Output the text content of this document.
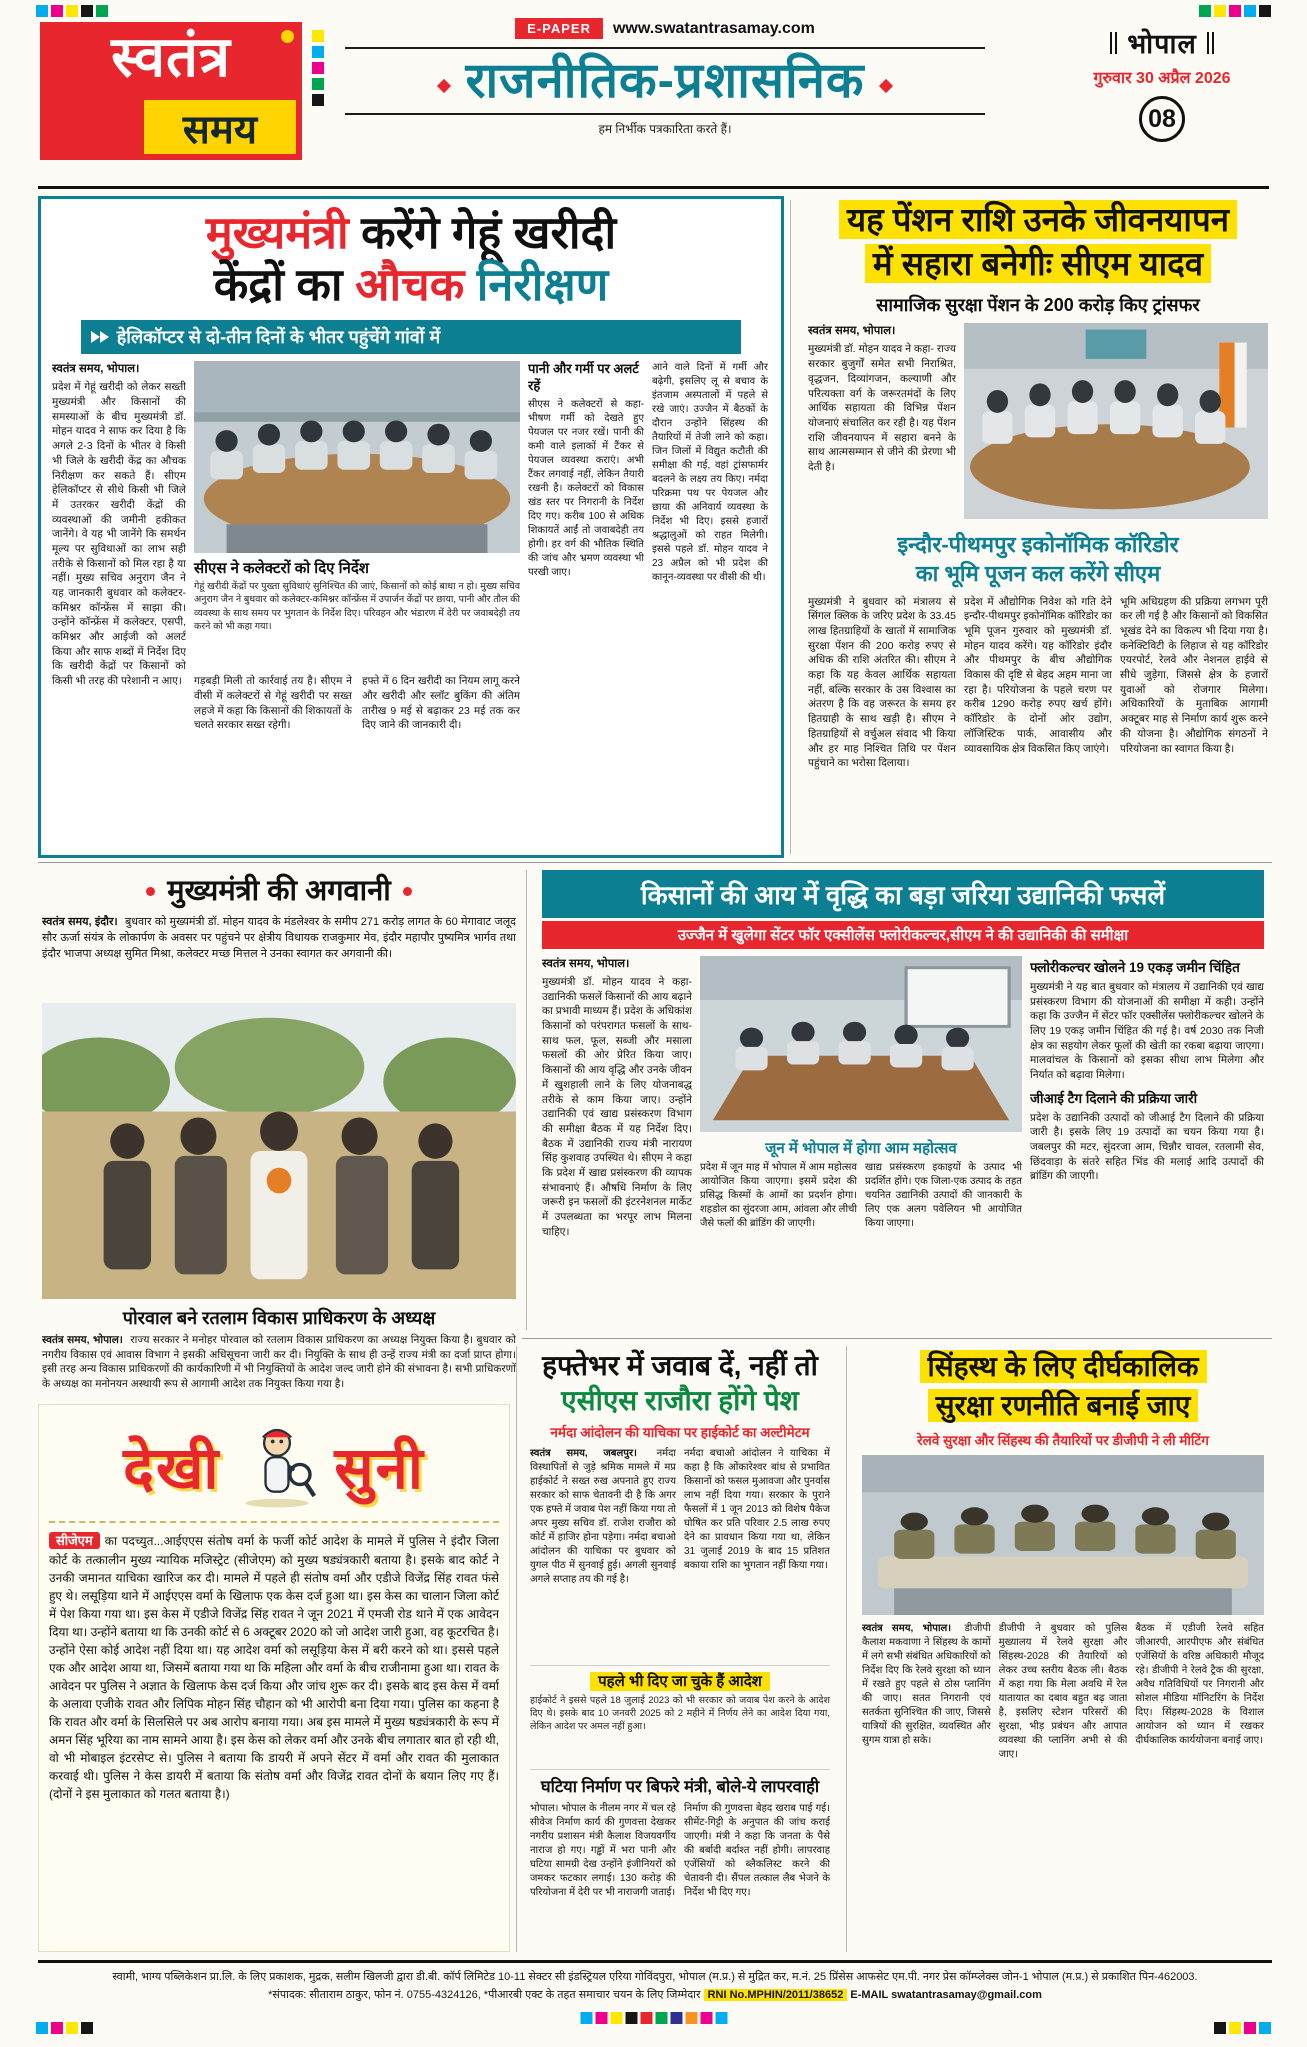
स्वतंत्र
समय
E-PAPER	www.swatantrasamay.com
राजनीतिक-प्रशासनिक
हम निर्भीक पत्रकारिता करते हैं।
भोपाल
गुरुवार 30 अप्रैल 2026
08
मुख्यमंत्री करेंगे गेहूं खरीदी
केंद्रों का औचक निरीक्षण
हेलिकॉप्टर से दो-तीन दिनों के भीतर पहुंचेंगे गांवों में

स्वतंत्र समय, भोपाल।

प्रदेश में गेहूं खरीदी को लेकर सख्ती मुख्यमंत्री और किसानों की समस्याओं के बीच मुख्यमंत्री डॉ. मोहन यादव ने साफ कर दिया है कि अगले 2-3 दिनों के भीतर वे किसी भी जिले के खरीदी केंद्र का औचक निरीक्षण कर सकते हैं। सीएम हेलिकॉप्टर से सीधे किसी भी जिले में उतरकर खरीदी केंद्रों की व्यवस्थाओं की जमीनी हकीकत जानेंगे। वे यह भी जानेंगे कि समर्थन मूल्य पर सुविधाओं का लाभ सही तरीके से किसानों को मिल रहा है या नहीं। मुख्य सचिव अनुराग जैन ने यह जानकारी बुधवार को कलेक्टर-कमिश्नर कॉन्फ्रेंस में साझा की। उन्होंने कॉन्फ्रेंस में कलेक्टर, एसपी, कमिश्नर और आईजी को अलर्ट किया और साफ शब्दों में निर्देश दिए कि खरीदी केंद्रों पर किसानों को किसी भी तरह की परेशानी न आए।

सीएस ने कलेक्टरों को दिए निर्देश
गेहूं खरीदी केंद्रों पर पुख्ता सुविधाएं सुनिश्चित की जाएं, किसानों को कोई बाधा न हो। मुख्य सचिव अनुराग जैन ने बुधवार को कलेक्टर-कमिश्नर कॉन्फ्रेंस में उपार्जन केंद्रों पर छाया, पानी और तौल की व्यवस्था के साथ समय पर भुगतान के निर्देश दिए। परिवहन और भंडारण में देरी पर जवाबदेही तय करने को भी कहा गया।

गड़बड़ी मिली तो कार्रवाई तय है। सीएम ने वीसी में कलेक्टरों से गेहूं खरीदी पर सख्त लहजे में कहा कि किसानों की शिकायतों के चलते सरकार सख्त रहेगी।

हफ्ते में 6 दिन खरीदी का नियम लागू करने और खरीदी और स्लॉट बुकिंग की अंतिम तारीख 9 मई से बढ़ाकर 23 मई तक कर दिए जाने की जानकारी दी।

पानी और गर्मी पर अलर्ट रहें

सीएस ने कलेक्टरों से कहा- भीषण गर्मी को देखते हुए पेयजल पर नजर रखें। पानी की कमी वाले इलाकों में टैंकर से पेयजल व्यवस्था कराएं। अभी टैंकर लगवाई नहीं, लेकिन तैयारी रखनी है। कलेक्टरों को विकास खंड स्तर पर निगरानी के निर्देश दिए गए। करीब 100 से अधिक शिकायतें आईं तो जवाबदेही तय होगी। हर वर्ग की भौतिक स्थिति की जांच और भ्रमण व्यवस्था भी परखी जाए।

आने वाले दिनों में गर्मी और बढ़ेगी, इसलिए लू से बचाव के इंतजाम अस्पतालों में पहले से रखे जाएं। उज्जैन में बैठकों के दौरान उन्होंने सिंहस्थ की तैयारियों में तेजी लाने को कहा। जिन जिलों में विद्युत कटौती की समीक्षा की गई, वहां ट्रांसफार्मर बदलने के लक्ष्य तय किए। नर्मदा परिक्रमा पथ पर पेयजल और छाया की अनिवार्य व्यवस्था के निर्देश भी दिए। इससे हजारों श्रद्धालुओं को राहत मिलेगी। इससे पहले डॉ. मोहन यादव ने 23 अप्रैल को भी प्रदेश की कानून-व्यवस्था पर वीसी की थी।

यह पेंशन राशि उनके जीवनयापन
में सहारा बनेगीः सीएम यादव
सामाजिक सुरक्षा पेंशन के 200 करोड़ किए ट्रांसफर

स्वतंत्र समय, भोपाल।

मुख्यमंत्री डॉ. मोहन यादव ने कहा- राज्य सरकार बुजुर्गों समेत सभी निराश्रित, वृद्धजन, दिव्यांगजन, कल्याणी और परित्यक्ता वर्ग के जरूरतमंदों के लिए आर्थिक सहायता की विभिन्न पेंशन योजनाएं संचालित कर रही है। यह पेंशन राशि जीवनयापन में सहारा बनने के साथ आत्मसम्मान से जीने की प्रेरणा भी देती है।

इन्दौर-पीथमपुर इकोनॉमिक कॉरिडोर
का भूमि पूजन कल करेंगे सीएम

मुख्यमंत्री ने बुधवार को मंत्रालय से सिंगल क्लिक के जरिए प्रदेश के 33.45 लाख हितग्राहियों के खातों में सामाजिक सुरक्षा पेंशन की 200 करोड़ रुपए से अधिक की राशि अंतरित की। सीएम ने कहा कि यह केवल आर्थिक सहायता नहीं, बल्कि सरकार के उस विश्वास का अंतरण है कि वह जरूरत के समय हर हितग्राही के साथ खड़ी है। सीएम ने हितग्राहियों से वर्चुअल संवाद भी किया और हर माह निश्चित तिथि पर पेंशन पहुंचाने का भरोसा दिलाया।

प्रदेश में औद्योगिक निवेश को गति देने इन्दौर-पीथमपुर इकोनॉमिक कॉरिडोर का भूमि पूजन गुरुवार को मुख्यमंत्री डॉ. मोहन यादव करेंगे। यह कॉरिडोर इंदौर और पीथमपुर के बीच औद्योगिक विकास की दृष्टि से बेहद अहम माना जा रहा है। परियोजना के पहले चरण पर करीब 1290 करोड़ रुपए खर्च होंगे। कॉरिडोर के दोनों ओर उद्योग, लॉजिस्टिक पार्क, आवासीय और व्यावसायिक क्षेत्र विकसित किए जाएंगे।

भूमि अधिग्रहण की प्रक्रिया लगभग पूरी कर ली गई है और किसानों को विकसित भूखंड देने का विकल्प भी दिया गया है। कनेक्टिविटी के लिहाज से यह कॉरिडोर एयरपोर्ट, रेलवे और नेशनल हाईवे से सीधे जुड़ेगा, जिससे क्षेत्र के हजारों युवाओं को रोजगार मिलेगा। अधिकारियों के मुताबिक आगामी अक्टूबर माह से निर्माण कार्य शुरू करने की योजना है। औद्योगिक संगठनों ने परियोजना का स्वागत किया है।

मुख्यमंत्री की अगवानी

स्वतंत्र समय, इंदौर। बुधवार को मुख्यमंत्री डॉ. मोहन यादव के मंडलेश्वर के समीप 271 करोड़ लागत के 60 मेगावाट जलूद सौर ऊर्जा संयंत्र के लोकार्पण के अवसर पर पहुंचने पर क्षेत्रीय विधायक राजकुमार मेव, इंदौर महापौर पुष्यमित्र भार्गव तथा इंदौर भाजपा अध्यक्ष सुमित मिश्रा, कलेक्टर मच्छ मित्तल ने उनका स्वागत कर अगवानी की।

पोरवाल बने रतलाम विकास प्राधिकरण के अध्यक्ष

स्वतंत्र समय, भोपाल। राज्य सरकार ने मनोहर पोरवाल को रतलाम विकास प्राधिकरण का अध्यक्ष नियुक्त किया है। बुधवार को नगरीय विकास एवं आवास विभाग ने इसकी अधिसूचना जारी कर दी। नियुक्ति के साथ ही उन्हें राज्य मंत्री का दर्जा प्राप्त होगा। इसी तरह अन्य विकास प्राधिकरणों की कार्यकारिणी में भी नियुक्तियों के आदेश जल्द जारी होने की संभावना है। सभी प्राधिकरणों के अध्यक्ष का मनोनयन अस्थायी रूप से आगामी आदेश तक नियुक्त किया गया है।

किसानों की आय में वृद्धि का बड़ा जरिया उद्यानिकी फसलें
उज्जैन में खुलेगा सेंटर फॉर एक्सीलेंस फ्लोरीकल्चर,सीएम ने की उद्यानिकी की समीक्षा

स्वतंत्र समय, भोपाल।

मुख्यमंत्री डॉ. मोहन यादव ने कहा- उद्यानिकी फसलें किसानों की आय बढ़ाने का प्रभावी माध्यम हैं। प्रदेश के अधिकांश किसानों को परंपरागत फसलों के साथ-साथ फल, फूल, सब्जी और मसाला फसलों की ओर प्रेरित किया जाए। किसानों की आय वृद्धि और उनके जीवन में खुशहाली लाने के लिए योजनाबद्ध तरीके से काम किया जाए। उन्होंने उद्यानिकी एवं खाद्य प्रसंस्करण विभाग की समीक्षा बैठक में यह निर्देश दिए। बैठक में उद्यानिकी राज्य मंत्री नारायण सिंह कुशवाह उपस्थित थे। सीएम ने कहा कि प्रदेश में खाद्य प्रसंस्करण की व्यापक संभावनाएं हैं। औषधि निर्माण के लिए जरूरी इन फसलों की इंटरनेशनल मार्केट में उपलब्धता का भरपूर लाभ मिलना चाहिए।

जून में भोपाल में होगा आम महोत्सव

प्रदेश में जून माह में भोपाल में आम महोत्सव आयोजित किया जाएगा। इसमें प्रदेश की प्रसिद्ध किस्मों के आमों का प्रदर्शन होगा। शहडोल का सुंदरजा आम, आंवला और लीची जैसे फलों की ब्रांडिंग की जाएगी।

खाद्य प्रसंस्करण इकाइयों के उत्पाद भी प्रदर्शित होंगे। एक जिला-एक उत्पाद के तहत चयनित उद्यानिकी उत्पादों की जानकारी के लिए एक अलग पवेलियन भी आयोजित किया जाएगा।

फ्लोरीकल्चर खोलने 19 एकड़ जमीन चिंहित

मुख्यमंत्री ने यह बात बुधवार को मंत्रालय में उद्यानिकी एवं खाद्य प्रसंस्करण विभाग की योजनाओं की समीक्षा में कही। उन्होंने कहा कि उज्जैन में सेंटर फॉर एक्सीलेंस फ्लोरीकल्चर खोलने के लिए 19 एकड़ जमीन चिंहित की गई है। वर्ष 2030 तक निजी क्षेत्र का सहयोग लेकर फूलों की खेती का रकबा बढ़ाया जाएगा। मालवांचल के किसानों को इसका सीधा लाभ मिलेगा और निर्यात को बढ़ावा मिलेगा।

जीआई टैग दिलाने की प्रक्रिया जारी

प्रदेश के उद्यानिकी उत्पादों को जीआई टैग दिलाने की प्रक्रिया जारी है। इसके लिए 19 उत्पादों का चयन किया गया है। जबलपुर की मटर, सुंदरजा आम, चिन्नौर चावल, रतलामी सेव, छिंदवाड़ा के संतरे सहित भिंड की मलाई आदि उत्पादों की ब्रांडिंग की जाएगी।

देखी सुनी

सीजेएम का पदच्युत...आईएएस संतोष वर्मा के फर्जी कोर्ट आदेश के मामले में पुलिस ने इंदौर जिला कोर्ट के तत्कालीन मुख्य न्यायिक मजिस्ट्रेट (सीजेएम) को मुख्य षड्यंत्रकारी बताया है। इसके बाद कोर्ट ने उनकी जमानत याचिका खारिज कर दी। मामले में पहले ही संतोष वर्मा और एडीजे विजेंद्र सिंह रावत फंसे हुए थे। लसूड़िया थाने में आईएएस वर्मा के खिलाफ एक केस दर्ज हुआ था। इस केस का चालान जिला कोर्ट में पेश किया गया था। इस केस में एडीजे विजेंद्र सिंह रावत ने जून 2021 में एमजी रोड थाने में एक आवेदन दिया था। उन्होंने बताया था कि उनकी कोर्ट से 6 अक्टूबर 2020 को जो आदेश जारी हुआ, वह कूटरचित है। उन्होंने ऐसा कोई आदेश नहीं दिया था। यह आदेश वर्मा को लसूड़िया केस में बरी करने को था। इससे पहले एक और आदेश आया था, जिसमें बताया गया था कि महिला और वर्मा के बीच राजीनामा हुआ था। रावत के आवेदन पर पुलिस ने अज्ञात के खिलाफ केस दर्ज किया और जांच शुरू कर दी। इसके बाद इस केस में वर्मा के अलावा एजीके रावत और लिपिक मोहन सिंह चौहान को भी आरोपी बना दिया गया। पुलिस का कहना है कि रावत और वर्मा के सिलसिले पर अब आरोप बनाया गया। अब इस मामले में मुख्य षड्यंत्रकारी के रूप में अमन सिंह भूरिया का नाम सामने आया है। इस केस को लेकर वर्मा और उनके बीच लगातार बात हो रही थी, वो भी मोबाइल इंटरसेप्ट से। पुलिस ने बताया कि डायरी में अपने सेंटर में वर्मा और रावत की मुलाकात करवाई थी। पुलिस ने केस डायरी में बताया कि संतोष वर्मा और विजेंद्र रावत दोनों के बयान लिए गए हैं। (दोनों ने इस मुलाकात को गलत बताया है।)

हफ्तेभर में जवाब दें, नहीं तो
एसीएस राजौरा होंगे पेश
नर्मदा आंदोलन की याचिका पर हाईकोर्ट का अल्टीमेटम

स्वतंत्र समय, जबलपुर। नर्मदा विस्थापितों से जुड़े श्रमिक मामले में मप्र हाईकोर्ट ने सख्त रुख अपनाते हुए राज्य सरकार को साफ चेतावनी दी है कि अगर एक हफ्ते में जवाब पेश नहीं किया गया तो अपर मुख्य सचिव डॉ. राजेश राजौरा को कोर्ट में हाजिर होना पड़ेगा। नर्मदा बचाओ आंदोलन की याचिका पर बुधवार को युगल पीठ में सुनवाई हुई। अगली सुनवाई अगले सप्ताह तय की गई है।

नर्मदा बचाओ आंदोलन ने याचिका में कहा है कि ओंकारेश्वर बांध से प्रभावित किसानों को फसल मुआवजा और पुनर्वास लाभ नहीं दिया गया। सरकार के पुराने फैसलों में 1 जून 2013 को विशेष पैकेज घोषित कर प्रति परिवार 2.5 लाख रुपए देने का प्रावधान किया गया था, लेकिन 31 जुलाई 2019 के बाद 15 प्रतिशत बकाया राशि का भुगतान नहीं किया गया।

पहले भी दिए जा चुके हैं आदेश

हाईकोर्ट ने इससे पहले 18 जुलाई 2023 को भी सरकार को जवाब पेश करने के आदेश दिए थे। इसके बाद 10 जनवरी 2025 को 2 महीने में निर्णय लेने का आदेश दिया गया, लेकिन आदेश पर अमल नहीं हुआ।

घटिया निर्माण पर बिफरे मंत्री, बोले-ये लापरवाही

भोपाल। भोपाल के नीलम नगर में चल रहे सीवेज निर्माण कार्य की गुणवत्ता देखकर नगरीय प्रशासन मंत्री कैलाश विजयवर्गीय नाराज हो गए। गड्ढों में भरा पानी और घटिया सामग्री देख उन्होंने इंजीनियरों को जमकर फटकार लगाई। 130 करोड़ की परियोजना में देरी पर भी नाराजगी जताई।

निर्माण की गुणवत्ता बेहद खराब पाई गई। सीमेंट-गिट्टी के अनुपात की जांच कराई जाएगी। मंत्री ने कहा कि जनता के पैसे की बर्बादी बर्दाश्त नहीं होगी। लापरवाह एजेंसियों को ब्लैकलिस्ट करने की चेतावनी दी। सैंपल तत्काल लैब भेजने के निर्देश भी दिए गए।

सिंहस्थ के लिए दीर्घकालिक
सुरक्षा रणनीति बनाई जाए
रेलवे सुरक्षा और सिंहस्थ की तैयारियों पर डीजीपी ने ली मीटिंग

स्वतंत्र समय, भोपाल। डीजीपी कैलाश मकवाणा ने सिंहस्थ के कामों में लगे सभी संबंधित अधिकारियों को निर्देश दिए कि रेलवे सुरक्षा को ध्यान में रखते हुए पहले से ठोस प्लानिंग की जाए। सतत निगरानी एवं सतर्कता सुनिश्चित की जाए, जिससे यात्रियों की सुरक्षित, व्यवस्थित और सुगम यात्रा हो सके।

डीजीपी ने बुधवार को पुलिस मुख्यालय में रेलवे सुरक्षा और सिंहस्थ-2028 की तैयारियों को लेकर उच्च स्तरीय बैठक ली। बैठक में कहा गया कि मेला अवधि में रेल यातायात का दबाव बहुत बढ़ जाता है, इसलिए स्टेशन परिसरों की सुरक्षा, भीड़ प्रबंधन और आपात व्यवस्था की प्लानिंग अभी से की जाए।

बैठक में एडीजी रेलवे सहित जीआरपी, आरपीएफ और संबंधित एजेंसियों के वरिष्ठ अधिकारी मौजूद रहे। डीजीपी ने रेलवे ट्रैक की सुरक्षा, अवैध गतिविधियों पर निगरानी और सोशल मीडिया मॉनिटरिंग के निर्देश दिए। सिंहस्थ-2028 के विशाल आयोजन को ध्यान में रखकर दीर्घकालिक कार्ययोजना बनाई जाए।

स्वामी, भाग्य पब्लिकेशन प्रा.लि. के लिए प्रकाशक, मुद्रक, सलीम खिलजी द्वारा डी.बी. कॉर्प लिमिटेड 10-11 सेक्टर सी इंडस्ट्रियल एरिया गोविंदपुरा, भोपाल (म.प्र.) से मुद्रित कर, म.नं. 25 प्रिंसेस आफसेट एम.पी. नगर प्रेस कॉम्प्लेक्स जोन-1 भोपाल (म.प्र.) से प्रकाशित पिन-462003.
*संपादक: सीताराम ठाकुर, फोन नं. 0755-4324126, *पीआरबी एक्ट के तहत समाचार चयन के लिए जिम्मेदार RNI No.MPHIN/2011/38652 E-MAIL swatantrasamay@gmail.com
